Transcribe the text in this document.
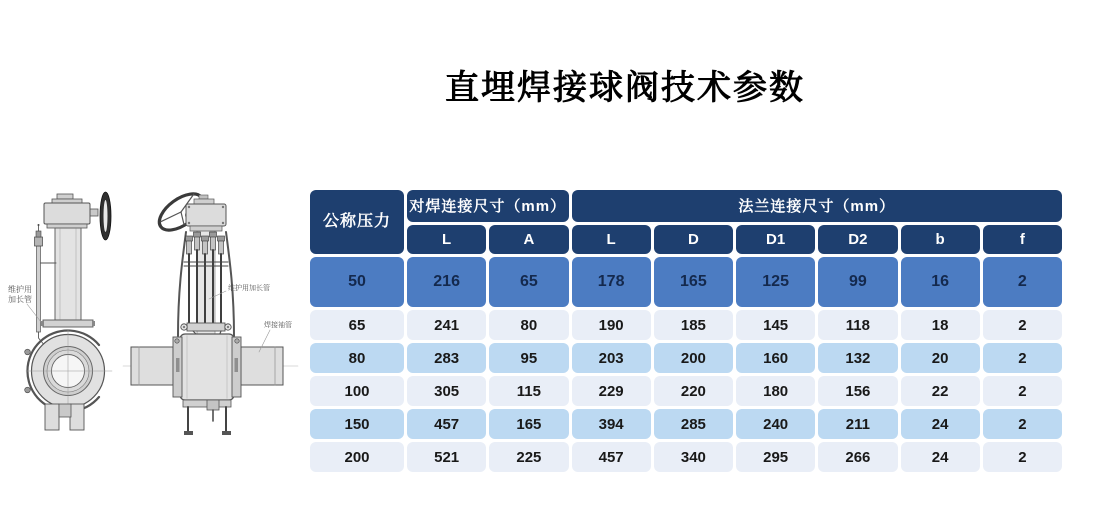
直埋焊接球阀技术参数
维护用
加长管
维护用加长管
焊接袖管
公称压力
对焊连接尺寸（mm）	法兰连接尺寸（mm）
L	A	L	D	D1	D2	b	f
50	216	65	178	165	125	99	16	2
65	241	80	190	185	145	118	18	2
80	283	95	203	200	160	132	20	2
100	305	115	229	220	180	156	22	2
150	457	165	394	285	240	211	24	2
200	521	225	457	340	295	266	24	2
